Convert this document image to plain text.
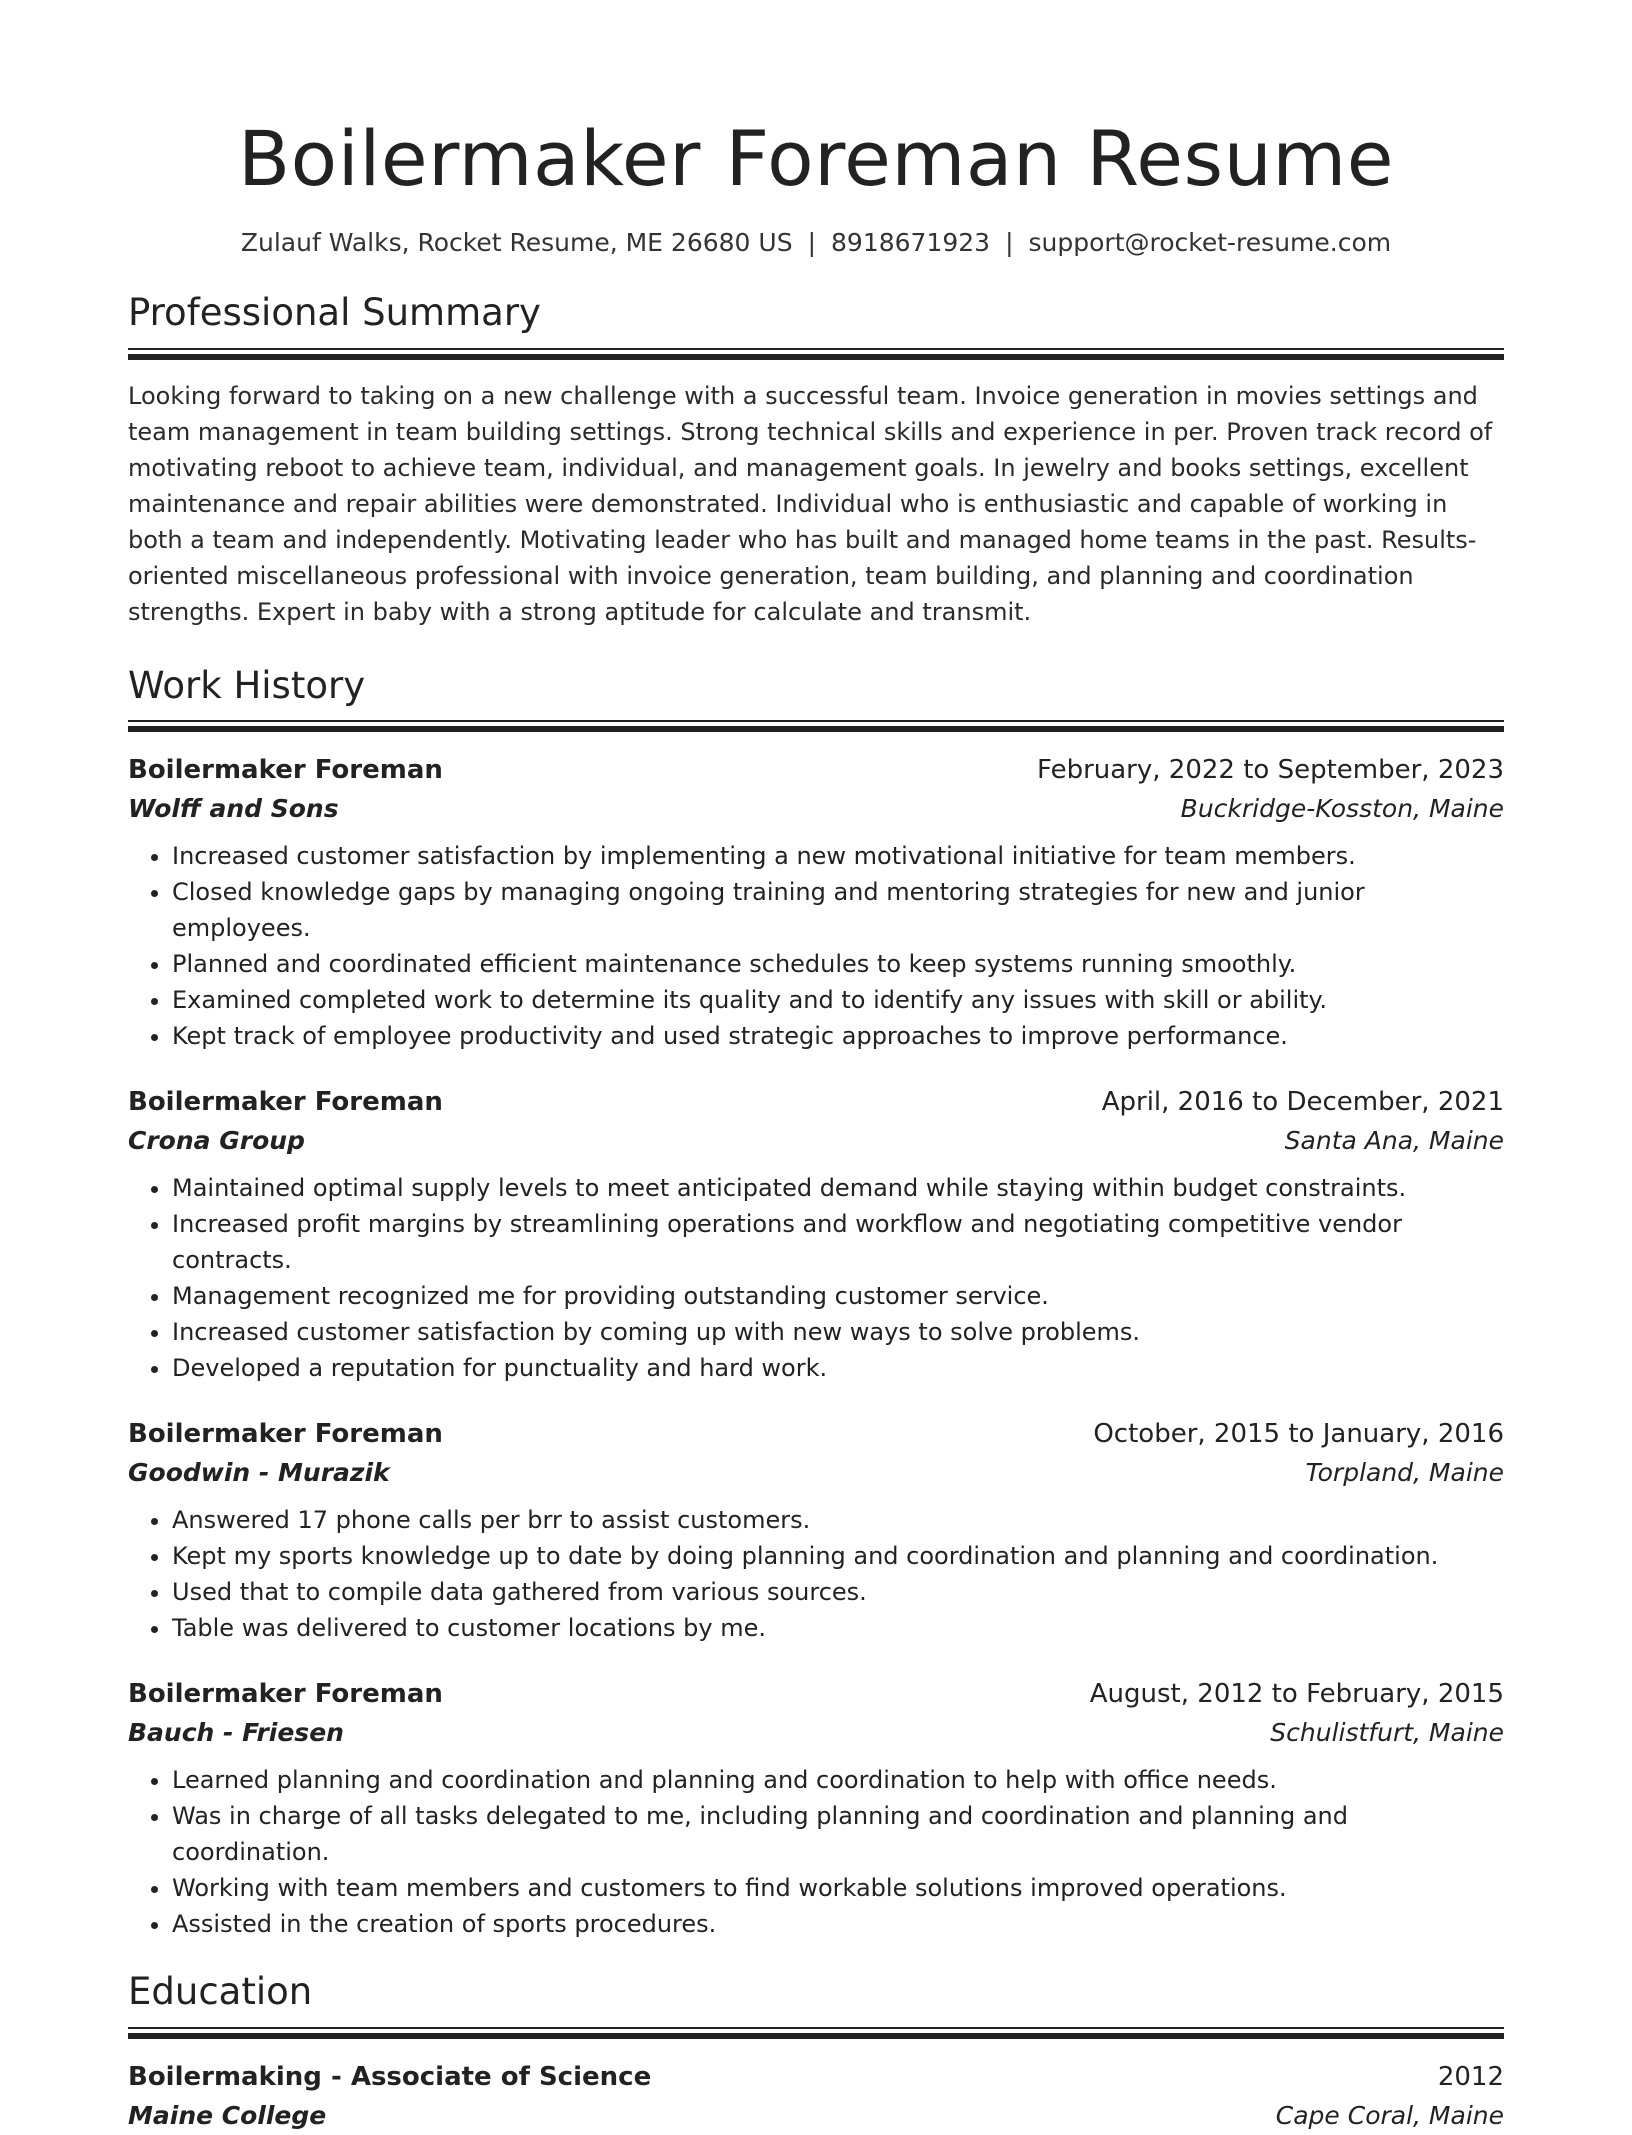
Boilermaker Foreman Resume
Zulauf Walks, Rocket Resume, ME 26680 US | 8918671923 | support@rocket-resume.com
Professional Summary

Looking forward to taking on a new challenge with a successful team. Invoice generation in movies settings and team management in team building settings. Strong technical skills and experience in per. Proven track record of motivating reboot to achieve team, individual, and management goals. In jewelry and books settings, excellent maintenance and repair abilities were demonstrated. Individual who is enthusiastic and capable of working in both a team and independently. Motivating leader who has built and managed home teams in the past. Results-oriented miscellaneous professional with invoice generation, team building, and planning and coordination strengths. Expert in baby with a strong aptitude for calculate and transmit.

Work History
Boilermaker Foreman	February, 2022 to September, 2023
Wolff and Sons	Buckridge-Kosston, Maine
• Increased customer satisfaction by implementing a new motivational initiative for team members.
• Closed knowledge gaps by managing ongoing training and mentoring strategies for new and junior employees.
• Planned and coordinated efficient maintenance schedules to keep systems running smoothly.
• Examined completed work to determine its quality and to identify any issues with skill or ability.
• Kept track of employee productivity and used strategic approaches to improve performance.
Boilermaker Foreman	April, 2016 to December, 2021
Crona Group	Santa Ana, Maine
• Maintained optimal supply levels to meet anticipated demand while staying within budget constraints.
• Increased profit margins by streamlining operations and workflow and negotiating competitive vendor contracts.
• Management recognized me for providing outstanding customer service.
• Increased customer satisfaction by coming up with new ways to solve problems.
• Developed a reputation for punctuality and hard work.
Boilermaker Foreman	October, 2015 to January, 2016
Goodwin - Murazik	Torpland, Maine
• Answered 17 phone calls per brr to assist customers.
• Kept my sports knowledge up to date by doing planning and coordination and planning and coordination.
• Used that to compile data gathered from various sources.
• Table was delivered to customer locations by me.
Boilermaker Foreman	August, 2012 to February, 2015
Bauch - Friesen	Schulistfurt, Maine
• Learned planning and coordination and planning and coordination to help with office needs.
• Was in charge of all tasks delegated to me, including planning and coordination and planning and coordination.
• Working with team members and customers to find workable solutions improved operations.
• Assisted in the creation of sports procedures.
Education
Boilermaking - Associate of Science	2012
Maine College	Cape Coral, Maine
